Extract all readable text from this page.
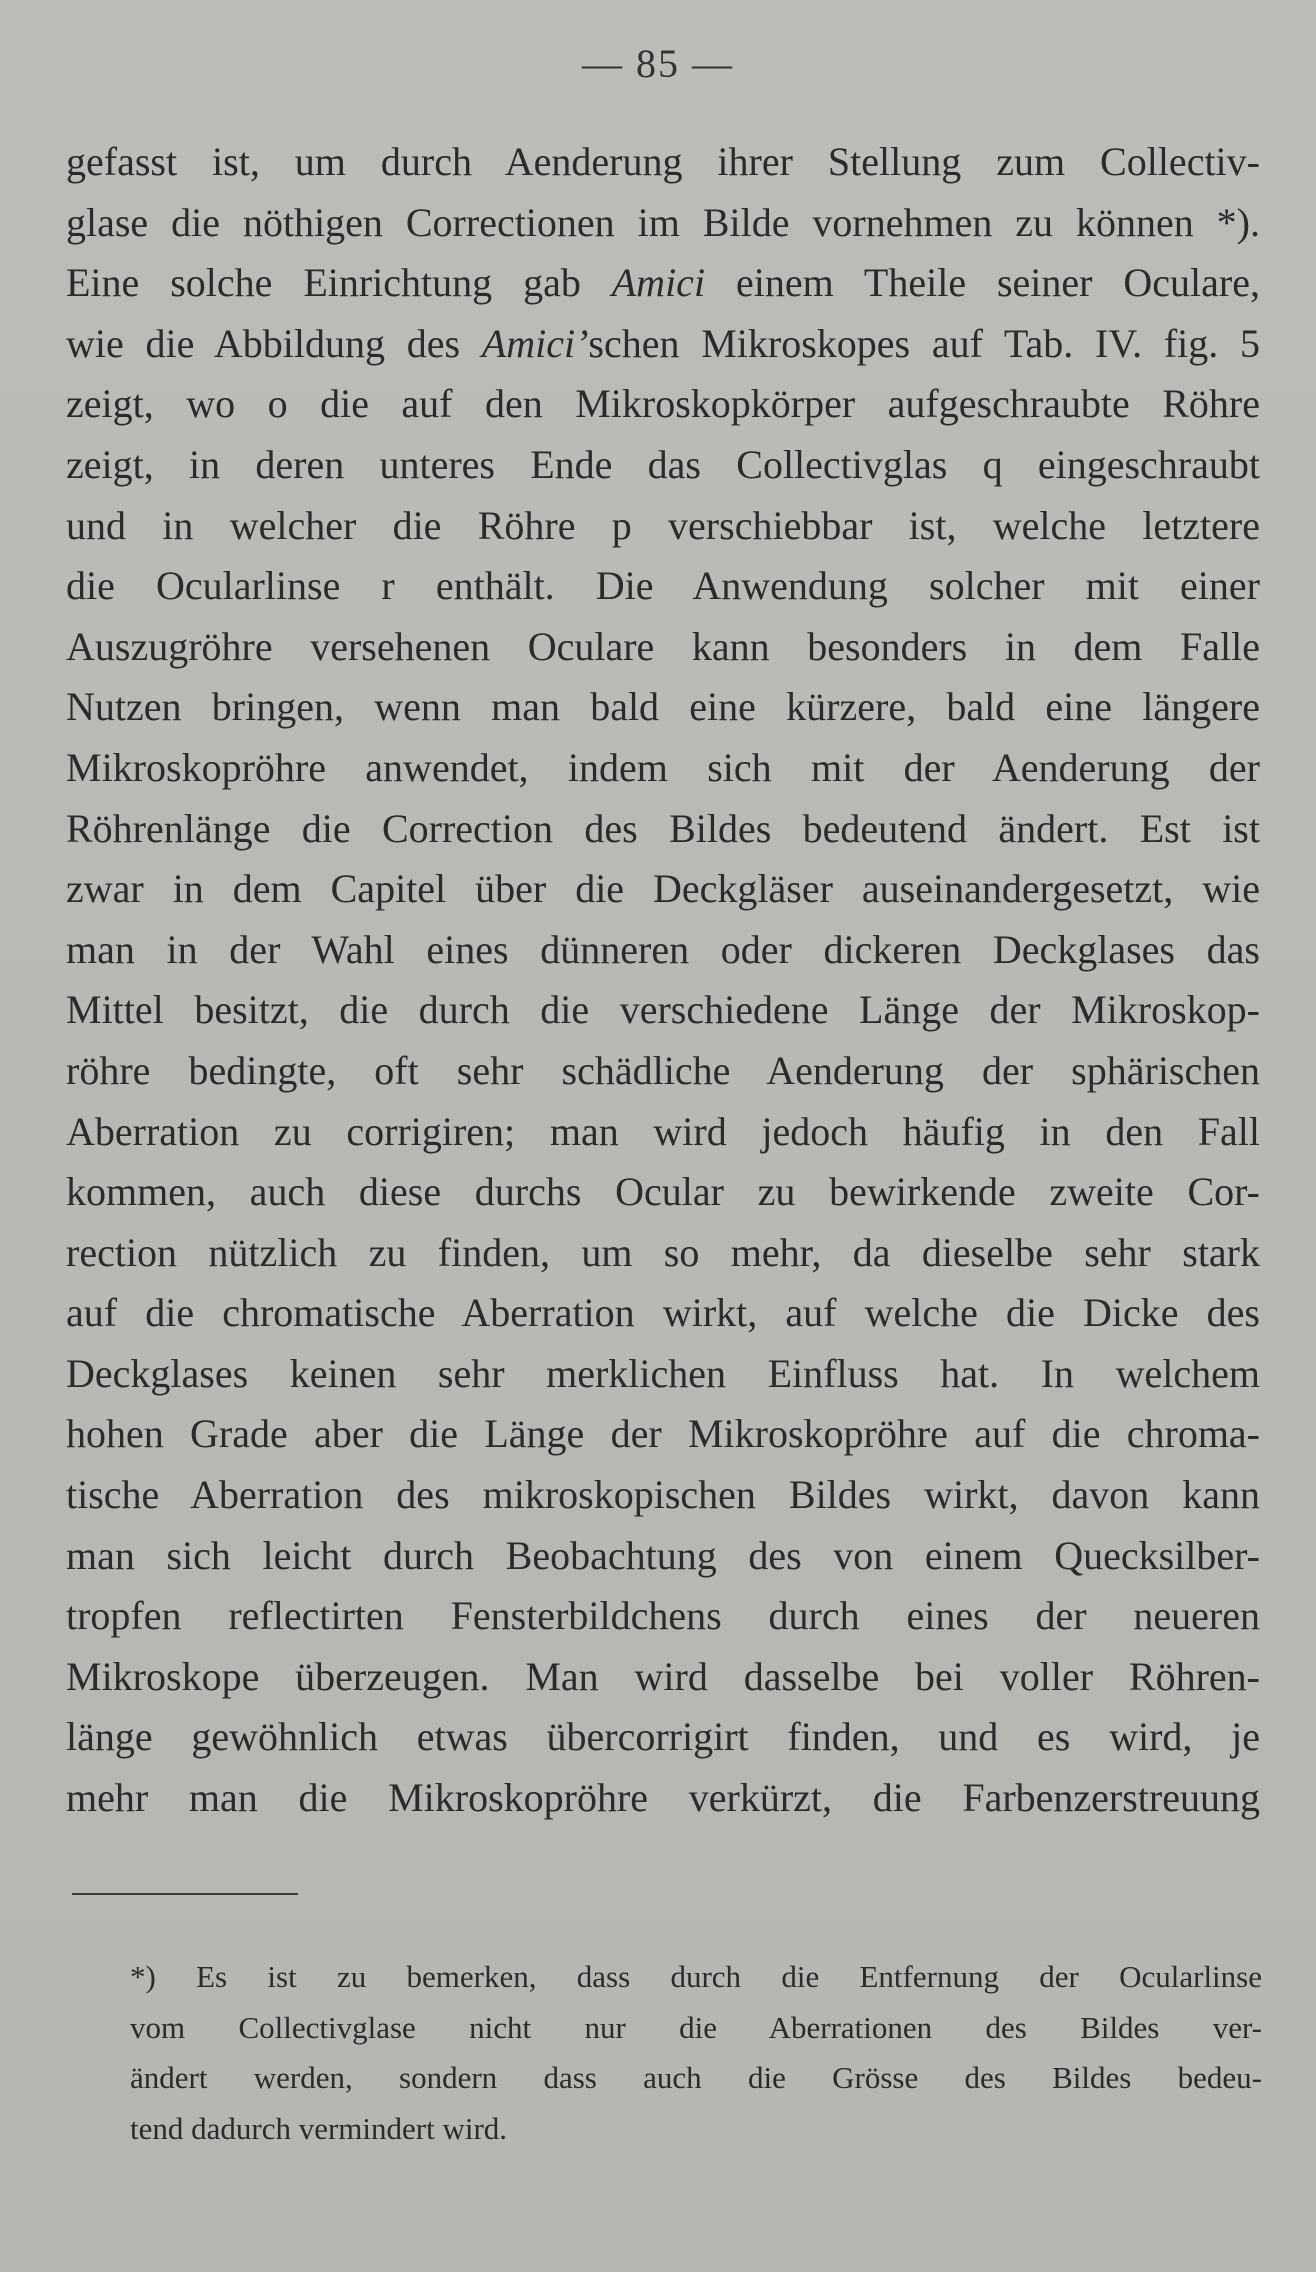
— 85 —
gefasst ist, um durch Aenderung ihrer Stellung zum Collectiv-
glase die nöthigen Correctionen im Bilde vornehmen zu können *).
Eine solche Einrichtung gab Amici einem Theile seiner Oculare,
wie die Abbildung des Amici’schen Mikroskopes auf Tab. IV. fig. 5
zeigt, wo o die auf den Mikroskopkörper aufgeschraubte Röhre
zeigt, in deren unteres Ende das Collectivglas q eingeschraubt
und in welcher die Röhre p verschiebbar ist, welche letztere
die Ocularlinse r enthält. Die Anwendung solcher mit einer
Auszugröhre versehenen Oculare kann besonders in dem Falle
Nutzen bringen, wenn man bald eine kürzere, bald eine längere
Mikroskopröhre anwendet, indem sich mit der Aenderung der
Röhrenlänge die Correction des Bildes bedeutend ändert. Est ist
zwar in dem Capitel über die Deckgläser auseinandergesetzt, wie
man in der Wahl eines dünneren oder dickeren Deckglases das
Mittel besitzt, die durch die verschiedene Länge der Mikroskop-
röhre bedingte, oft sehr schädliche Aenderung der sphärischen
Aberration zu corrigiren; man wird jedoch häufig in den Fall
kommen, auch diese durchs Ocular zu bewirkende zweite Cor-
rection nützlich zu finden, um so mehr, da dieselbe sehr stark
auf die chromatische Aberration wirkt, auf welche die Dicke des
Deckglases keinen sehr merklichen Einfluss hat. In welchem
hohen Grade aber die Länge der Mikroskopröhre auf die chroma-
tische Aberration des mikroskopischen Bildes wirkt, davon kann
man sich leicht durch Beobachtung des von einem Quecksilber-
tropfen reflectirten Fensterbildchens durch eines der neueren
Mikroskope überzeugen. Man wird dasselbe bei voller Röhren-
länge gewöhnlich etwas übercorrigirt finden, und es wird, je
mehr man die Mikroskopröhre verkürzt, die Farbenzerstreuung
*) Es ist zu bemerken, dass durch die Entfernung der Ocularlinse
vom Collectivglase nicht nur die Aberrationen des Bildes ver-
ändert werden, sondern dass auch die Grösse des Bildes bedeu-
tend dadurch vermindert wird.
